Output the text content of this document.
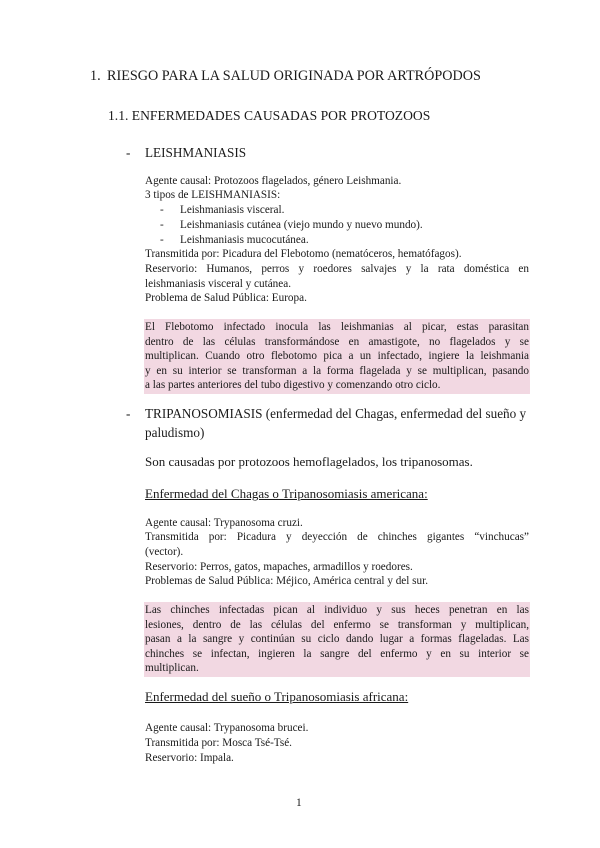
1. RIESGO PARA LA SALUD ORIGINADA POR ARTRÓPODOS
1.1. ENFERMEDADES CAUSADAS POR PROTOZOOS
- LEISHMANIASIS
Agente causal: Protozoos flagelados, género Leishmania.
3 tipos de LEISHMANIASIS:
- Leishmaniasis visceral.
- Leishmaniasis cutánea (viejo mundo y nuevo mundo).
- Leishmaniasis mucocutánea.
Transmitida por: Picadura del Flebotomo (nematóceros, hematófagos).
Reservorio: Humanos, perros y roedores salvajes y la rata doméstica en
leishmaniasis visceral y cutánea.
Problema de Salud Pública: Europa.
El Flebotomo infectado inocula las leishmanias al picar, estas parasitan
dentro de las células transformándose en amastigote, no flagelados y se
multiplican. Cuando otro flebotomo pica a un infectado, ingiere la leishmania
y en su interior se transforman a la forma flagelada y se multiplican, pasando
a las partes anteriores del tubo digestivo y comenzando otro ciclo.
- TRIPANOSOMIASIS (enfermedad del Chagas, enfermedad del sueño y
paludismo)
Son causadas por protozoos hemoflagelados, los tripanosomas.
Enfermedad del Chagas o Tripanosomiasis americana:
Agente causal: Trypanosoma cruzi.
Transmitida por: Picadura y deyección de chinches gigantes “vinchucas”
(vector).
Reservorio: Perros, gatos, mapaches, armadillos y roedores.
Problemas de Salud Pública: Méjico, América central y del sur.
Las chinches infectadas pican al individuo y sus heces penetran en las
lesiones, dentro de las células del enfermo se transforman y multiplican,
pasan a la sangre y continúan su ciclo dando lugar a formas flageladas. Las
chinches se infectan, ingieren la sangre del enfermo y en su interior se
multiplican.
Enfermedad del sueño o Tripanosomiasis africana:
Agente causal: Trypanosoma brucei.
Transmitida por: Mosca Tsé-Tsé.
Reservorio: Impala.
1
